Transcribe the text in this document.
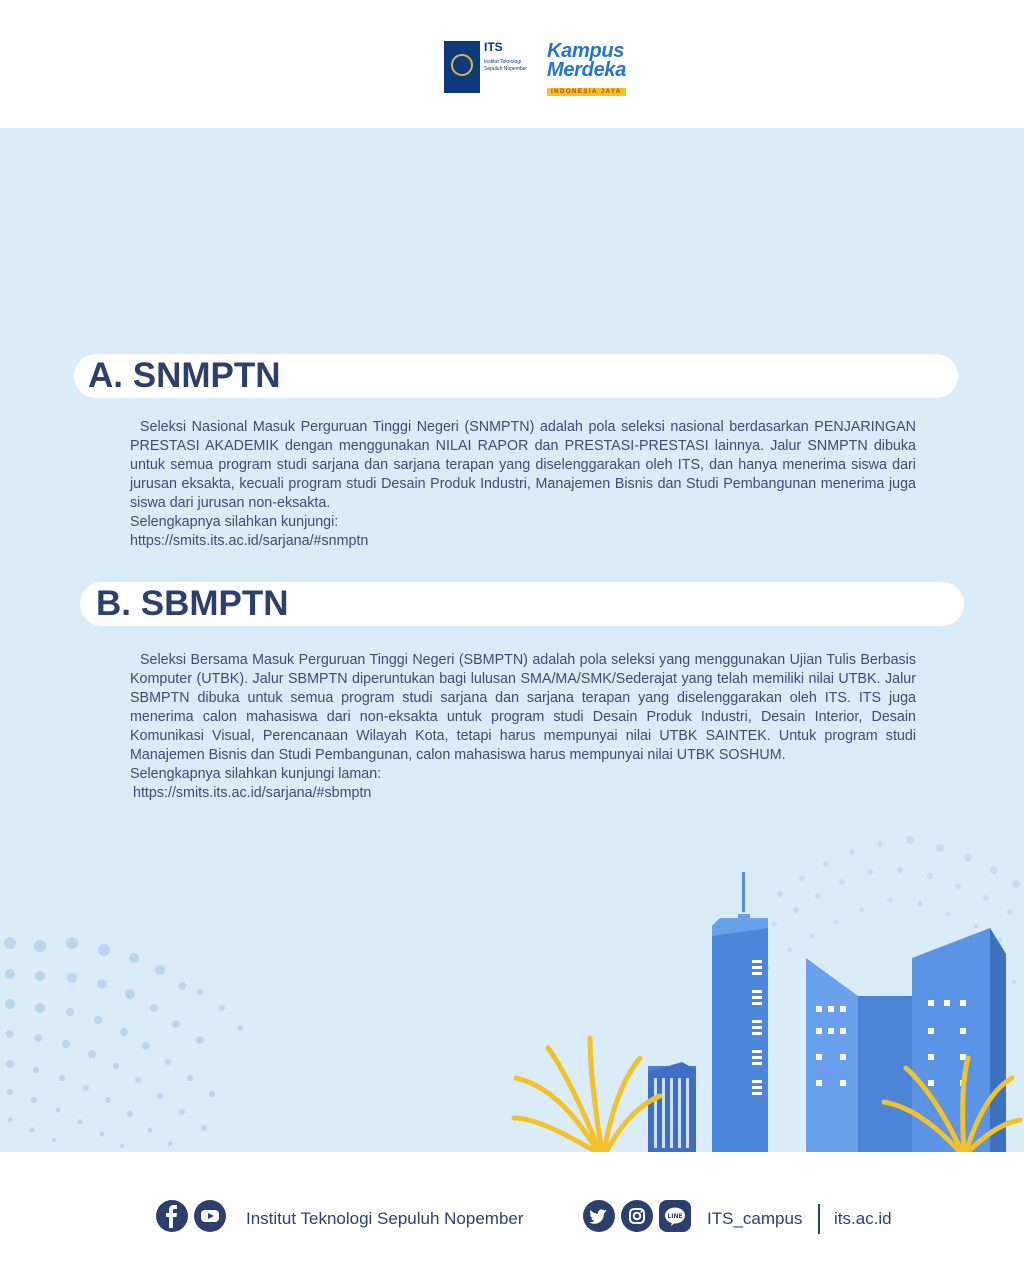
ITS
Institut Teknologi Sepuluh Nopember
Kampus
Merdeka
INDONESIA JAYA
A. SNMPTN
Seleksi Nasional Masuk Perguruan Tinggi Negeri (SNMPTN) adalah pola seleksi nasional berdasarkan PENJARINGAN PRESTASI AKADEMIK dengan menggunakan NILAI RAPOR dan PRESTASI-PRESTASI lainnya. Jalur SNMPTN dibuka untuk semua program studi sarjana dan sarjana terapan yang diselenggarakan oleh ITS, dan hanya menerima siswa dari jurusan eksakta, kecuali program studi Desain Produk Industri, Manajemen Bisnis dan Studi Pembangunan menerima juga siswa dari jurusan non-eksakta.
Selengkapnya silahkan kunjungi:
https://smits.its.ac.id/sarjana/#snmptn
B. SBMPTN
Seleksi Bersama Masuk Perguruan Tinggi Negeri (SBMPTN) adalah pola seleksi yang menggunakan Ujian Tulis Berbasis Komputer (UTBK). Jalur SBMPTN diperuntukan bagi lulusan SMA/MA/SMK/Sederajat yang telah memiliki nilai UTBK. Jalur SBMPTN dibuka untuk semua program studi sarjana dan sarjana terapan yang diselenggarakan oleh ITS. ITS juga menerima calon mahasiswa dari non-eksakta untuk program studi Desain Produk Industri, Desain Interior, Desain Komunikasi Visual, Perencanaan Wilayah Kota, tetapi harus mempunyai nilai UTBK SAINTEK. Untuk program studi Manajemen Bisnis dan Studi Pembangunan, calon mahasiswa harus mempunyai nilai UTBK SOSHUM.
Selengkapnya silahkan kunjungi laman:
https://smits.its.ac.id/sarjana/#sbmptn
Institut Teknologi Sepuluh Nopember	LINE ITS_campus its.ac.id
